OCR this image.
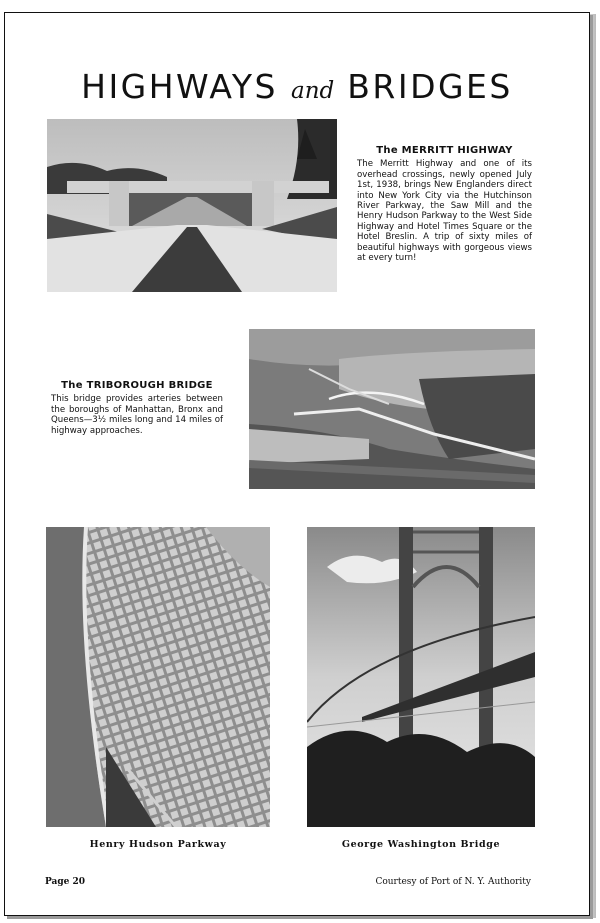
HIGHWAYS and BRIDGES
The MERRITT HIGHWAY

The Merritt Highway and one of its overhead crossings, newly opened July 1st, 1938, brings New Englanders direct into New York City via the Hutchinson River Parkway, the Saw Mill and the Henry Hudson Parkway to the West Side Highway and Hotel Times Square or the Hotel Breslin. A trip of sixty miles of beautiful highways with gorgeous views at every turn!

The TRIBOROUGH BRIDGE

This bridge provides arteries between the boroughs of Manhattan, Bronx and Queens—3½ miles long and 14 miles of highway approaches.

Henry Hudson Parkway	George Washington Bridge
Page 20	Courtesy of Port of N. Y. Authority
